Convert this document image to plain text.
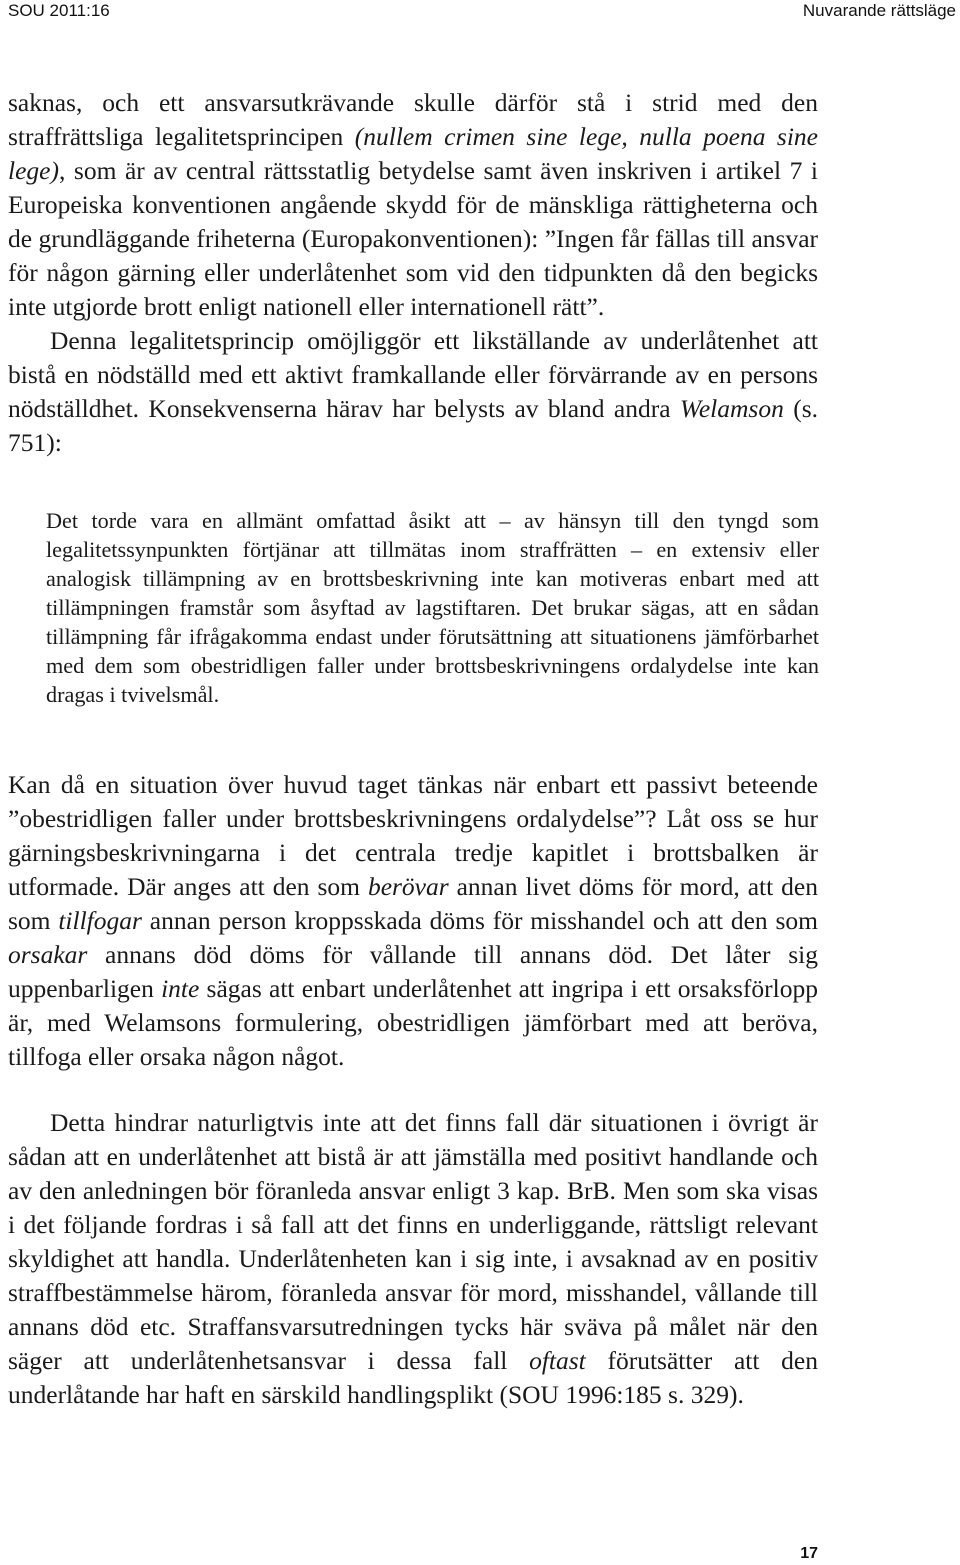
SOU 2011:16	Nuvarande rättsläge

saknas, och ett ansvarsutkrävande skulle därför stå i strid med den straffrättsliga legalitetsprincipen (nullem crimen sine lege, nulla poena sine lege), som är av central rättsstatlig betydelse samt även inskriven i artikel 7 i Europeiska konventionen angående skydd för de mänskliga rättigheterna och de grundläggande friheterna (Europakonventionen): ”Ingen får fällas till ansvar för någon gärning eller underlåtenhet som vid den tidpunkten då den begicks inte utgjorde brott enligt nationell eller internationell rätt”.

Denna legalitetsprincip omöjliggör ett likställande av underlåtenhet att bistå en nödställd med ett aktivt framkallande eller förvärrande av en persons nödställdhet. Konsekvenserna härav har belysts av bland andra Welamson (s. 751):

Det torde vara en allmänt omfattad åsikt att – av hänsyn till den tyngd som legalitetssynpunkten förtjänar att tillmätas inom straffrätten – en extensiv eller analogisk tillämpning av en brottsbeskrivning inte kan motiveras enbart med att tillämpningen framstår som åsyftad av lagstiftaren. Det brukar sägas, att en sådan tillämpning får ifrågakomma endast under förutsättning att situationens jämförbarhet med dem som obestridligen faller under brottsbeskrivningens ordalydelse inte kan dragas i tvivelsmål.

Kan då en situation över huvud taget tänkas när enbart ett passivt beteende ”obestridligen faller under brottsbeskrivningens ordalydelse”? Låt oss se hur gärningsbeskrivningarna i det centrala tredje kapitlet i brottsbalken är utformade. Där anges att den som berövar annan livet döms för mord, att den som tillfogar annan person kroppsskada döms för misshandel och att den som orsakar annans död döms för vållande till annans död. Det låter sig uppenbarligen inte sägas att enbart underlåtenhet att ingripa i ett orsaksförlopp är, med Welamsons formulering, obestridligen jämförbart med att beröva, tillfoga eller orsaka någon något.

Detta hindrar naturligtvis inte att det finns fall där situationen i övrigt är sådan att en underlåtenhet att bistå är att jämställa med positivt handlande och av den anledningen bör föranleda ansvar enligt 3 kap. BrB. Men som ska visas i det följande fordras i så fall att det finns en underliggande, rättsligt relevant skyldighet att handla. Underlåtenheten kan i sig inte, i avsaknad av en positiv straffbestämmelse härom, föranleda ansvar för mord, misshandel, vållande till annans död etc. Straffansvarsutredningen tycks här sväva på målet när den säger att underlåtenhetsansvar i dessa fall oftast förutsätter att den underlåtande har haft en särskild handlingsplikt (SOU 1996:185 s. 329).

17
